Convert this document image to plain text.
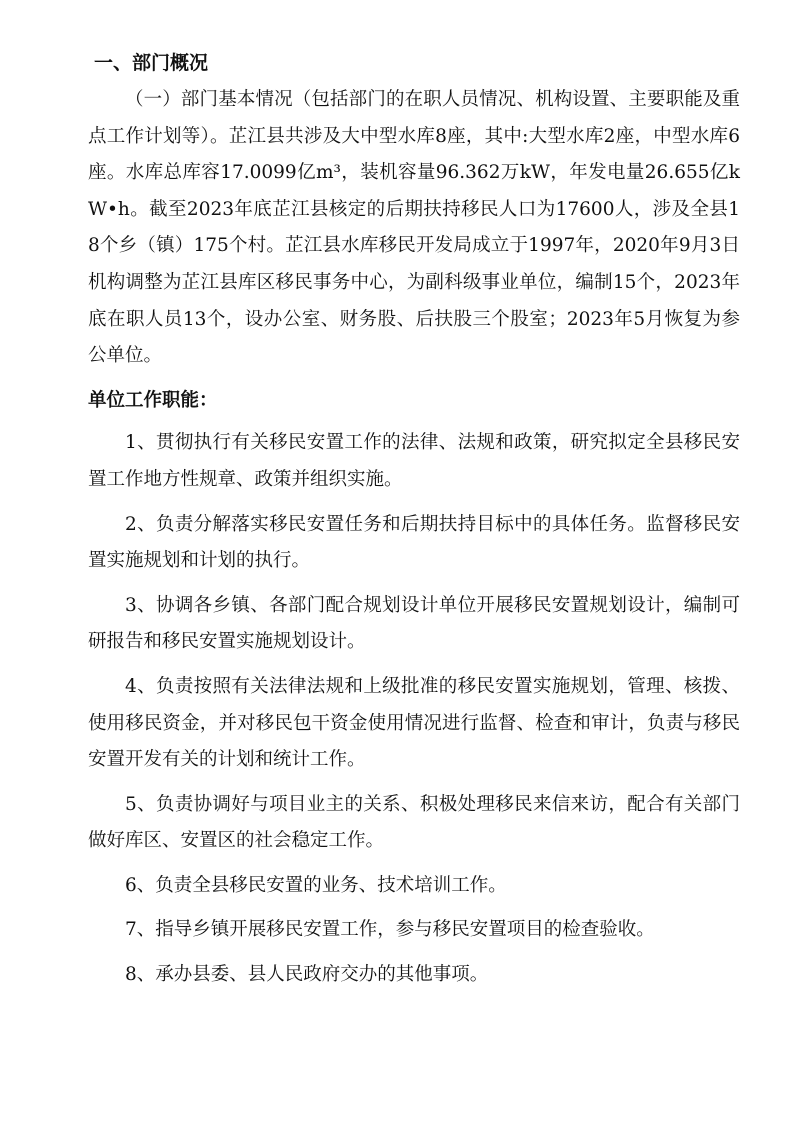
一、部门概况

（一）部门基本情况（包括部门的在职人员情况、机构设置、主要职能及重点工作计划等）。芷江县共涉及大中型水库8座，其中:大型水库2座，中型水库6座。水库总库容17.0099亿m³，装机容量96.362万kW，年发电量26.655亿kW•h。截至2023年底芷江县核定的后期扶持移民人口为17600人，涉及全县18个乡（镇）175个村。芷江县水库移民开发局成立于1997年，2020年9月3日机构调整为芷江县库区移民事务中心，为副科级事业单位，编制15个，2023年底在职人员13个，设办公室、财务股、后扶股三个股室；2023年5月恢复为参公单位。

单位工作职能：

1、贯彻执行有关移民安置工作的法律、法规和政策，研究拟定全县移民安置工作地方性规章、政策并组织实施。

2、负责分解落实移民安置任务和后期扶持目标中的具体任务。监督移民安置实施规划和计划的执行。

3、协调各乡镇、各部门配合规划设计单位开展移民安置规划设计，编制可研报告和移民安置实施规划设计。

4、负责按照有关法律法规和上级批准的移民安置实施规划，管理、核拨、使用移民资金，并对移民包干资金使用情况进行监督、检查和审计，负责与移民安置开发有关的计划和统计工作。

5、负责协调好与项目业主的关系、积极处理移民来信来访，配合有关部门做好库区、安置区的社会稳定工作。

6、负责全县移民安置的业务、技术培训工作。

7、指导乡镇开展移民安置工作，参与移民安置项目的检查验收。

8、承办县委、县人民政府交办的其他事项。
